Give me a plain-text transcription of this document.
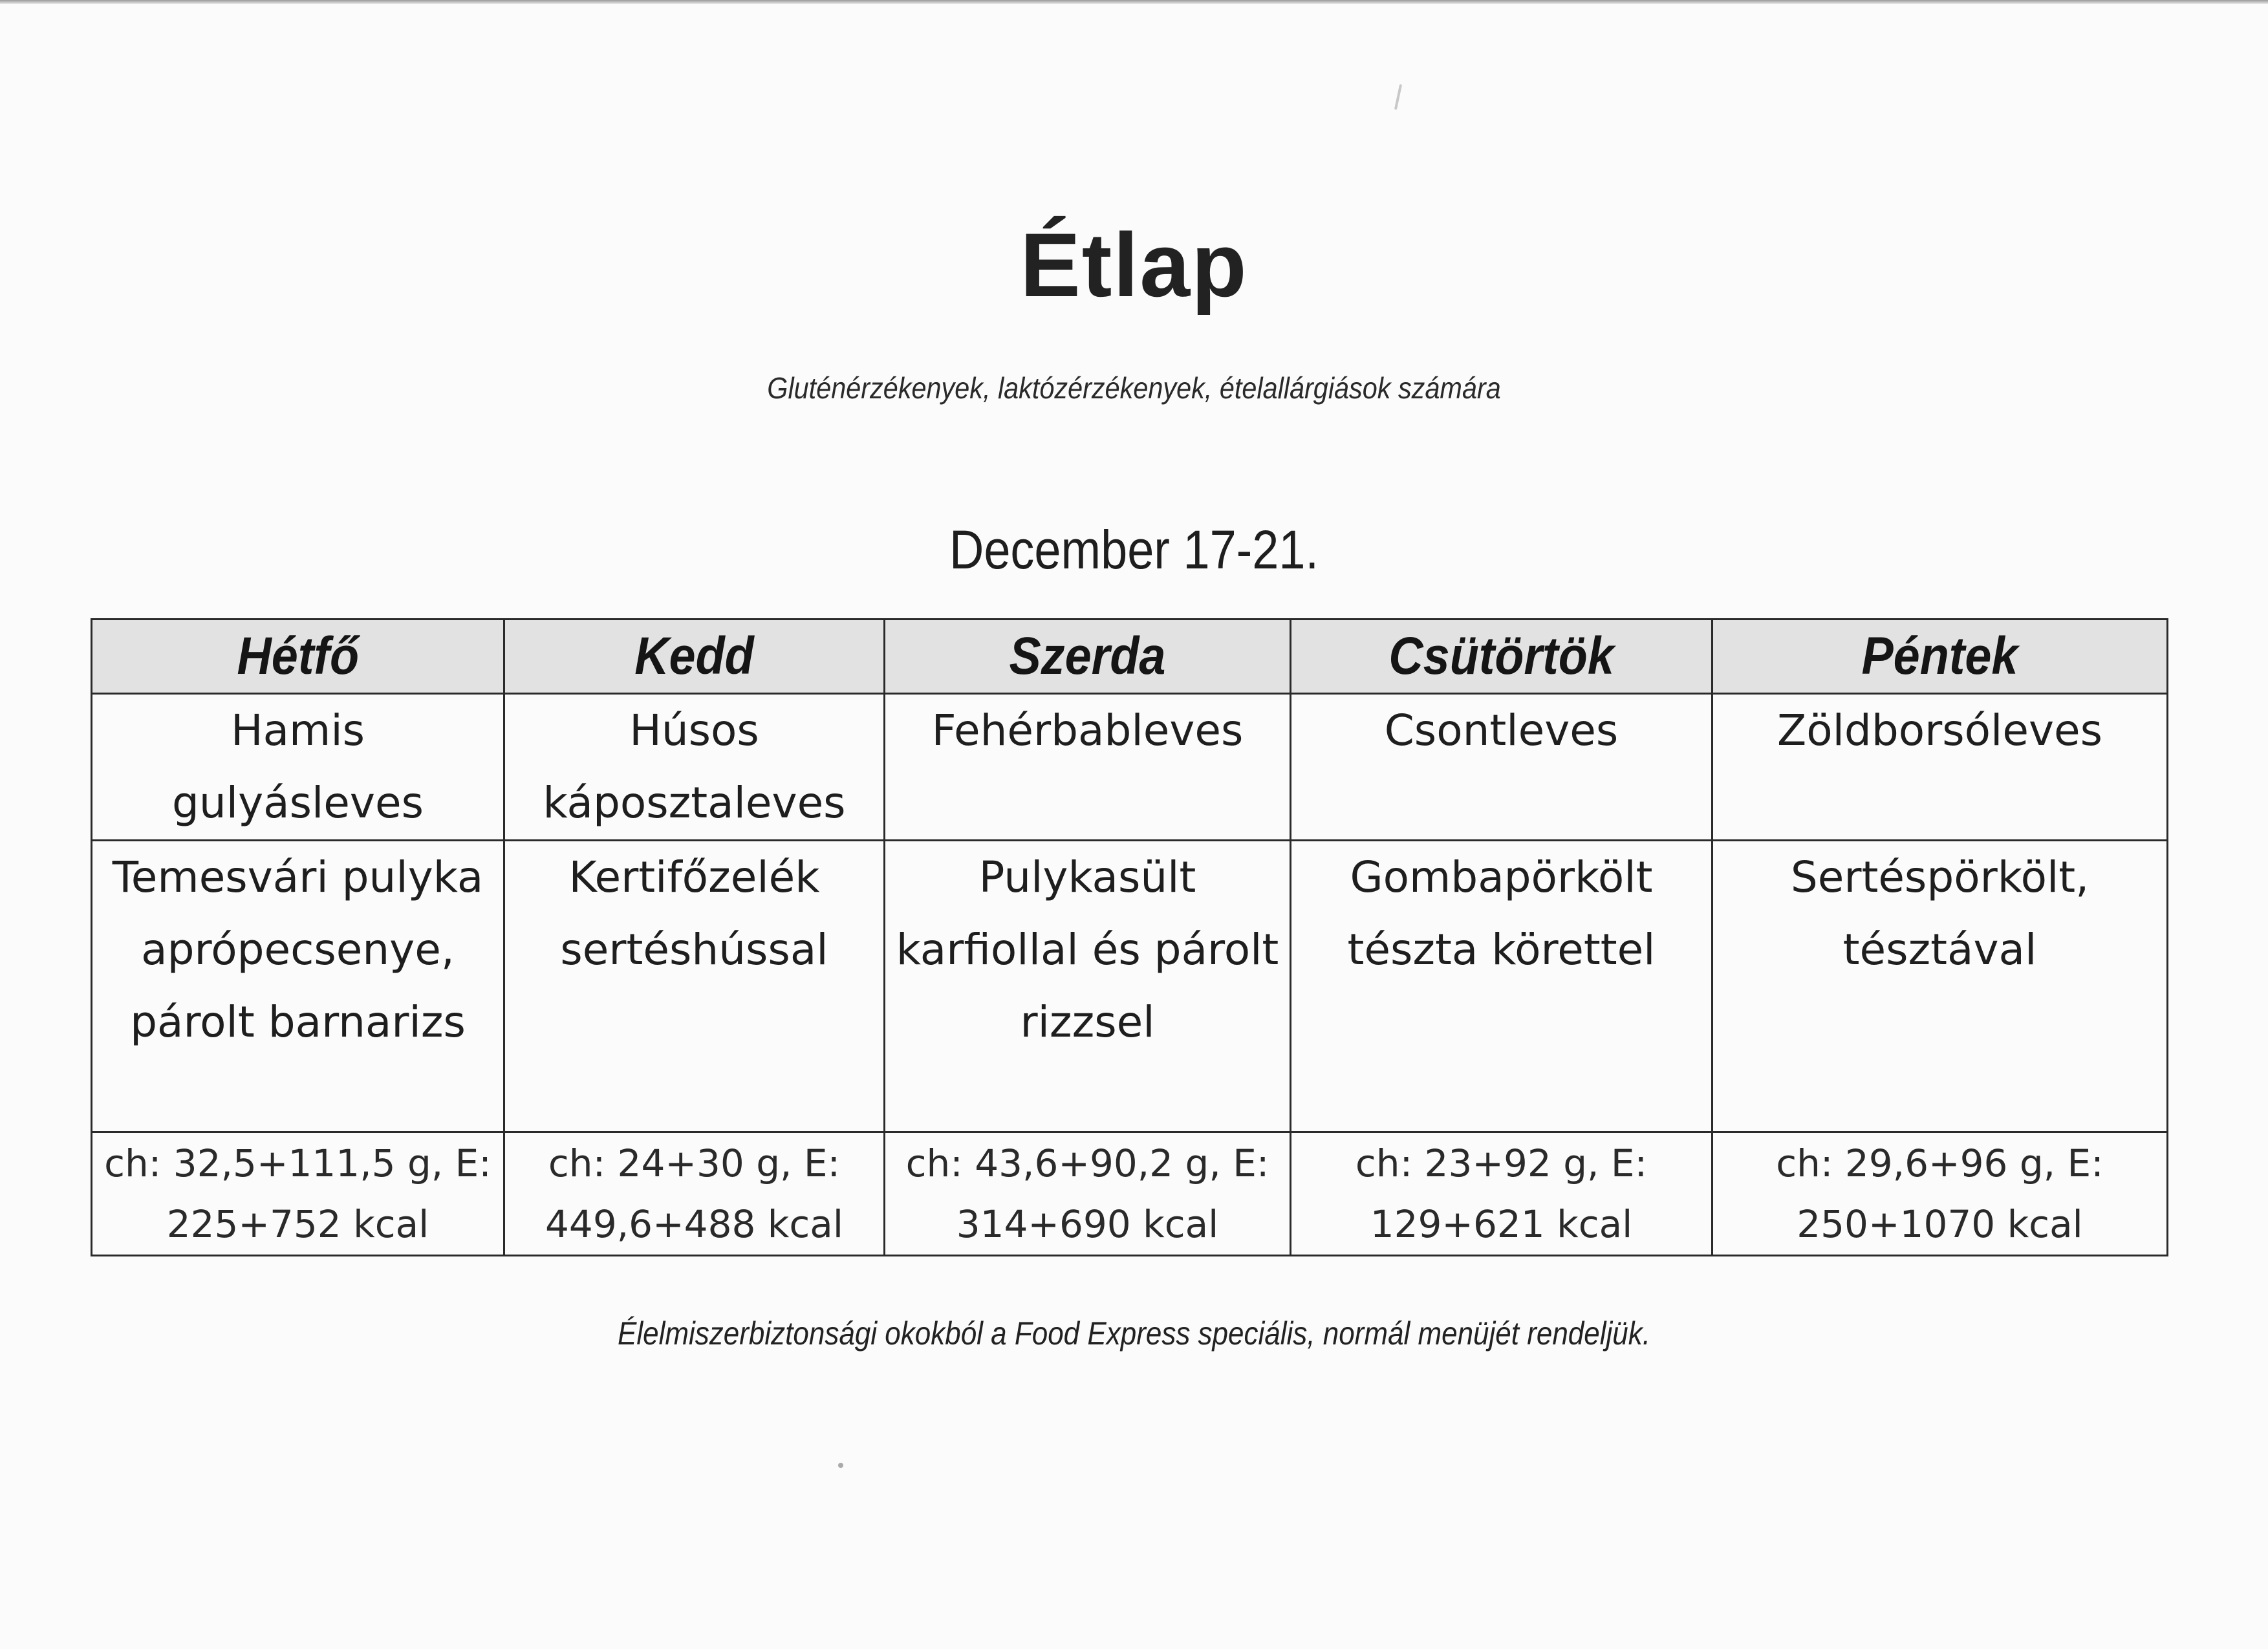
Étlap
Gluténérzékenyek, laktózérzékenyek, ételallárgiások számára
December 17-21.
Hétfő	Kedd	Szerda	Csütörtök	Péntek
Hamis gulyásleves	Húsos káposztaleves	Fehérbableves	Csontleves	Zöldborsóleves
Temesvári pulyka aprópecsenye, párolt barnarizs	Kertifőzelék sertéshússal	Pulykasült karfiollal és párolt rizzsel	Gombapörkölt tészta körettel	Sertéspörkölt, tésztával
ch: 32,5+111,5 g, E: 225+752 kcal	ch: 24+30 g, E: 449,6+488 kcal	ch: 43,6+90,2 g, E: 314+690 kcal	ch: 23+92 g, E: 129+621 kcal	ch: 29,6+96 g, E: 250+1070 kcal
Élelmiszerbiztonsági okokból a Food Express speciális, normál menüjét rendeljük.
